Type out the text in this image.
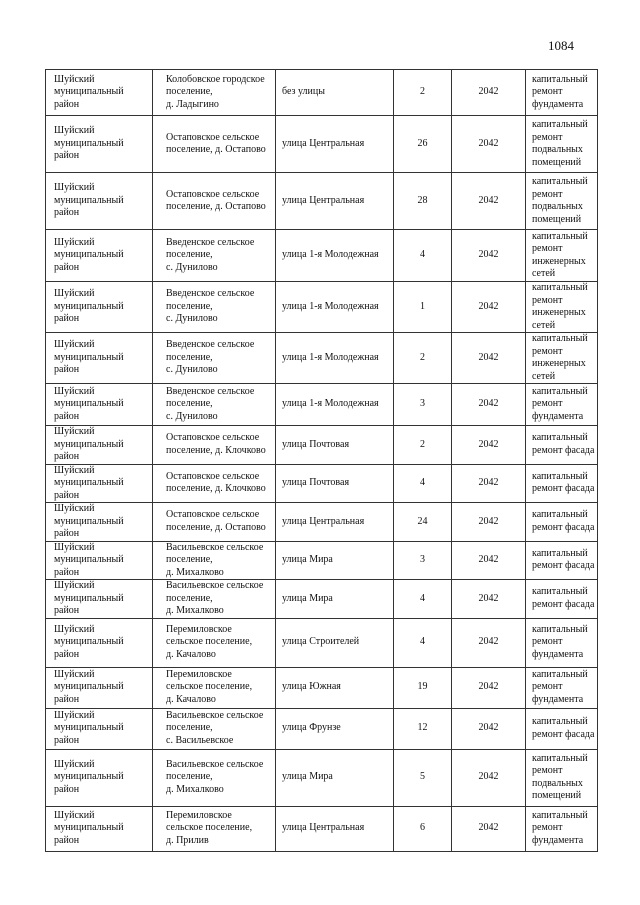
1084
Шуйский
муниципальный
район	Колобовское городское
поселение,
д. Ладыгино	без улицы	2	2042	капитальный
ремонт
фундамента

Шуйский
муниципальный
район	Остаповское сельское
поселение, д. Остапово	улица Центральная	26	2042	капитальный
ремонт
подвальных
помещений

Шуйский
муниципальный
район	Остаповское сельское
поселение, д. Остапово	улица Центральная	28	2042	капитальный
ремонт
подвальных
помещений

Шуйский
муниципальный
район	Введенское сельское
поселение,
с. Дунилово	улица 1-я Молодежная	4	2042	капитальный
ремонт
инженерных
сетей

Шуйский
муниципальный
район	Введенское сельское
поселение,
с. Дунилово	улица 1-я Молодежная	1	2042	капитальный
ремонт
инженерных
сетей

Шуйский
муниципальный
район	Введенское сельское
поселение,
с. Дунилово	улица 1-я Молодежная	2	2042	капитальный
ремонт
инженерных
сетей

Шуйский
муниципальный
район	Введенское сельское
поселение,
с. Дунилово	улица 1-я Молодежная	3	2042	капитальный
ремонт
фундамента

Шуйский
муниципальный
район	Остаповское сельское
поселение, д. Клочково	улица Почтовая	2	2042	капитальный
ремонт фасада

Шуйский
муниципальный
район	Остаповское сельское
поселение, д. Клочково	улица Почтовая	4	2042	капитальный
ремонт фасада

Шуйский
муниципальный
район	Остаповское сельское
поселение, д. Остапово	улица Центральная	24	2042	капитальный
ремонт фасада

Шуйский
муниципальный
район	Васильевское сельское
поселение,
д. Михалково	улица Мира	3	2042	капитальный
ремонт фасада

Шуйский
муниципальный
район	Васильевское сельское
поселение,
д. Михалково	улица Мира	4	2042	капитальный
ремонт фасада

Шуйский
муниципальный
район	Перемиловское
сельское поселение,
д. Качалово	улица Строителей	4	2042	капитальный
ремонт
фундамента

Шуйский
муниципальный
район	Перемиловское
сельское поселение,
д. Качалово	улица Южная	19	2042	капитальный
ремонт
фундамента

Шуйский
муниципальный
район	Васильевское сельское
поселение,
с. Васильевское	улица Фрунзе	12	2042	капитальный
ремонт фасада

Шуйский
муниципальный
район	Васильевское сельское
поселение,
д. Михалково	улица Мира	5	2042	капитальный
ремонт
подвальных
помещений

Шуйский
муниципальный
район	Перемиловское
сельское поселение,
д. Прилив	улица Центральная	6	2042	капитальный
ремонт
фундамента
